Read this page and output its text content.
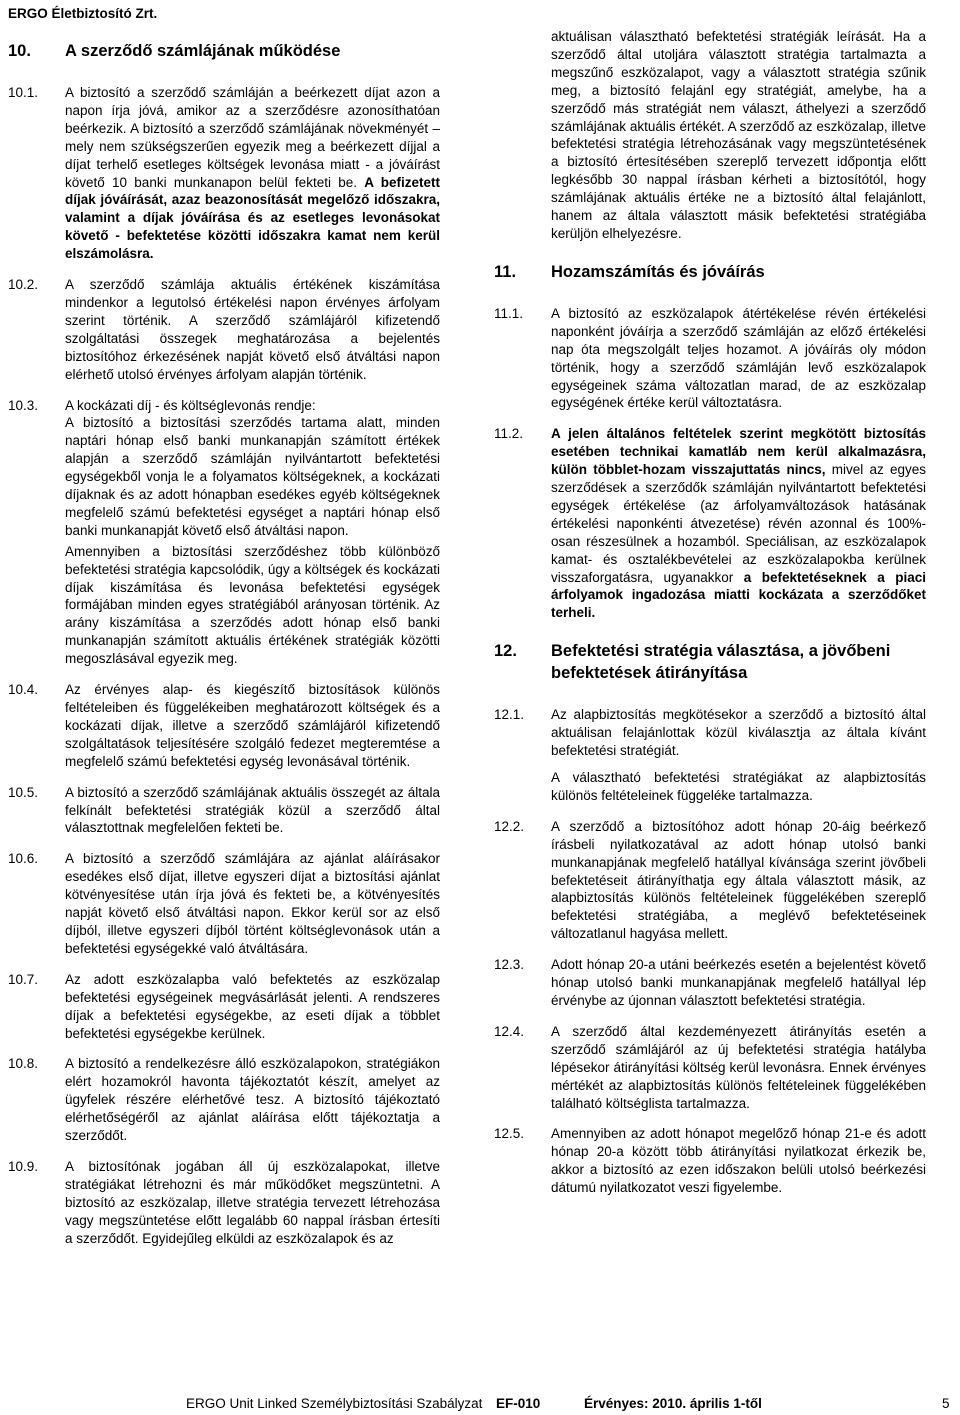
ERGO Életbiztosító Zrt.
10.	A szerződő számlájának működése
10.1.	A biztosító a szerződő számláján a beérkezett díjat azon a napon írja jóvá, amikor az a szerződésre azonosíthatóan beérkezik. A biztosító a szerződő számlájának növekményét – mely nem szükségszerűen egyezik meg a beérkezett díjjal a díjat terhelő esetleges költségek levonása miatt - a jóváírást követő 10 banki munkanapon belül fekteti be. A befizetett díjak jóváírását, azaz beazonosítását megelőző időszakra, valamint a díjak jóváírása és az esetleges levonásokat követő - befektetése közötti időszakra kamat nem kerül elszámolásra.

10.2.	A szerződő számlája aktuális értékének kiszámítása mindenkor a legutolsó értékelési napon érvényes árfolyam szerint történik. A szerződő számlájáról kifizetendő szolgáltatási összegek meghatározása a bejelentés biztosítóhoz érkezésének napját követő első átváltási napon elérhető utolsó érvényes árfolyam alapján történik.

10.3.	A kockázati díj - és költséglevonás rendje:

A biztosító a biztosítási szerződés tartama alatt, minden naptári hónap első banki munkanapján számított értékek alapján a szerződő számláján nyilvántartott befektetési egységekből vonja le a folyamatos költségeknek, a kockázati díjaknak és az adott hónapban esedékes egyéb költségeknek megfelelő számú befektetési egységet a naptári hónap első banki munkanapját követő első átváltási napon.

Amennyiben a biztosítási szerződéshez több különböző befektetési stratégia kapcsolódik, úgy a költségek és kockázati díjak kiszámítása és levonása befektetési egységek formájában minden egyes stratégiából arányosan történik. Az arány kiszámítása a szerződés adott hónap első banki munkanapján számított aktuális értékének stratégiák közötti megoszlásával egyezik meg.

10.4.	Az érvényes alap- és kiegészítő biztosítások különös feltételeiben és függelékeiben meghatározott költségek és a kockázati díjak, illetve a szerződő számlájáról kifizetendő szolgáltatások teljesítésére szolgáló fedezet megteremtése a megfelelő számú befektetési egység levonásával történik.

10.5.	A biztosító a szerződő számlájának aktuális összegét az általa felkínált befektetési stratégiák közül a szerződő által választottnak megfelelően fekteti be.

10.6.	A biztosító a szerződő számlájára az ajánlat aláírásakor esedékes első díjat, illetve egyszeri díjat a biztosítási ajánlat kötvényesítése után írja jóvá és fekteti be, a kötvényesítés napját követő első átváltási napon. Ekkor kerül sor az első díjból, illetve egyszeri díjból történt költséglevonások után a befektetési egységekké való átváltására.

10.7.	Az adott eszközalapba való befektetés az eszközalap befektetési egységeinek megvásárlását jelenti. A rendszeres díjak a befektetési egységekbe, az eseti díjak a többlet befektetési egységekbe kerülnek.

10.8.	A biztosító a rendelkezésre álló eszközalapokon, stratégiákon elért hozamokról havonta tájékoztatót készít, amelyet az ügyfelek részére elérhetővé tesz. A biztosító tájékoztató elérhetőségéről az ajánlat aláírása előtt tájékoztatja a szerződőt.

10.9.	A biztosítónak jogában áll új eszközalapokat, illetve stratégiákat létrehozni és már működőket megszüntetni. A biztosító az eszközalap, illetve stratégia tervezett létrehozása vagy megszüntetése előtt legalább 60 nappal írásban értesíti a szerződőt. Egyidejűleg elküldi az eszközalapok és az

aktuálisan választható befektetési stratégiák leírását. Ha a szerződő által utoljára választott stratégia tartalmazta a megszűnő eszközalapot, vagy a választott stratégia szűnik meg, a biztosító felajánl egy stratégiát, amelybe, ha a szerződő más stratégiát nem választ, áthelyezi a szerződő számlájának aktuális értékét. A szerződő az eszközalap, illetve befektetési stratégia létrehozásának vagy megszüntetésének a biztosító értesítésében szereplő tervezett időpontja előtt legkésőbb 30 nappal írásban kérheti a biztosítótól, hogy számlájának aktuális értéke ne a biztosító által felajánlott, hanem az általa választott másik befektetési stratégiába kerüljön elhelyezésre.

11.	Hozamszámítás és jóváírás
11.1.	A biztosító az eszközalapok átértékelése révén értékelési naponként jóváírja a szerződő számláján az előző értékelési nap óta megszolgált teljes hozamot. A jóváírás oly módon történik, hogy a szerződő számláján levő eszközalapok egységeinek száma változatlan marad, de az eszközalap egységének értéke kerül változtatásra.

11.2.	A jelen általános feltételek szerint megkötött biztosítás esetében technikai kamatláb nem kerül alkalmazásra, külön többlet-hozam visszajuttatás nincs, mivel az egyes szerződések a szerződők számláján nyilvántartott befektetési egységek értékelése (az árfolyamváltozások hatásának értékelési naponkénti átvezetése) révén azonnal és 100%-osan részesülnek a hozamból. Speciálisan, az eszközalapok kamat- és osztalékbevételei az eszközalapokba kerülnek visszaforgatásra, ugyanakkor a befektetéseknek a piaci árfolyamok ingadozása miatti kockázata a szerződőket terheli.

12.	Befektetési stratégia választása, a jövőbeni befektetések átirányítása
12.1.	Az alapbiztosítás megkötésekor a szerződő a biztosító által aktuálisan felajánlottak közül kiválasztja az általa kívánt befektetési stratégiát.

A választható befektetési stratégiákat az alapbiztosítás különös feltételeinek függeléke tartalmazza.

12.2.	A szerződő a biztosítóhoz adott hónap 20-áig beérkező írásbeli nyilatkozatával az adott hónap utolsó banki munkanapjának megfelelő hatállyal kívánsága szerint jövőbeli befektetéseit átirányíthatja egy általa választott másik, az alapbiztosítás különös feltételeinek függelékében szereplő befektetési stratégiába, a meglévő befektetéseinek változatlanul hagyása mellett.

12.3.	Adott hónap 20-a utáni beérkezés esetén a bejelentést követő hónap utolsó banki munkanapjának megfelelő hatállyal lép érvénybe az újonnan választott befektetési stratégia.

12.4.	A szerződő által kezdeményezett átirányítás esetén a szerződő számlájáról az új befektetési stratégia hatályba lépésekor átirányítási költség kerül levonásra. Ennek érvényes mértékét az alapbiztosítás különös feltételeinek függelékében található költséglista tartalmazza.

12.5.	Amennyiben az adott hónapot megelőző hónap 21-e és adott hónap 20-a között több átirányítási nyilatkozat érkezik be, akkor a biztosító az ezen időszakon belüli utolsó beérkezési dátumú nyilatkozatot veszi figyelembe.

ERGO Unit Linked Személybiztosítási Szabályzat EF-010	Érvényes: 2010. április 1-től	5
